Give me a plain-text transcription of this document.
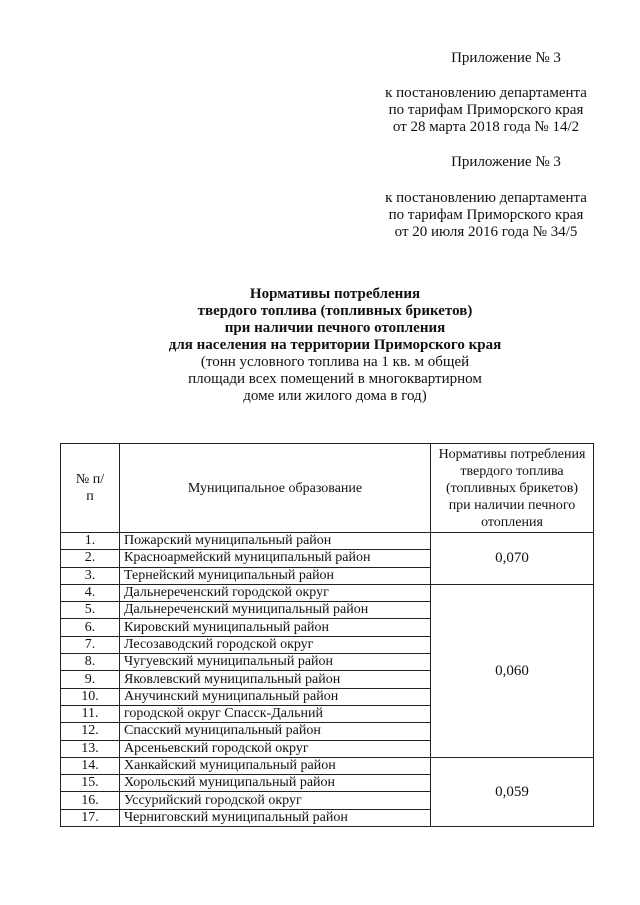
Приложение № 3
к постановлению департамента
по тарифам Приморского края
от 28 марта 2018 года № 14/2
Приложение № 3
к постановлению департамента
по тарифам Приморского края
от 20 июля 2016 года № 34/5
Нормативы потребления
твердого топлива (топливных брикетов)
при наличии печного отопления
для населения на территории Приморского края
(тонн условного топлива на 1 кв. м общей
площади всех помещений в многоквартирном
доме или жилого дома в год)
№ п/п	Муниципальное образование	Нормативы потребления твердого топлива (топливных брикетов) при наличии печного отопления
1.	Пожарский муниципальный район	0,070
2.	Красноармейский муниципальный район	
3.	Тернейский муниципальный район	
4.	Дальнереченский городской округ	0,060
5.	Дальнереченский муниципальный район	
6.	Кировский муниципальный район	
7.	Лесозаводский городской округ	
8.	Чугуевский муниципальный район	
9.	Яковлевский муниципальный район	
10.	Анучинский муниципальный район	
11.	городской округ Спасск-Дальний	
12.	Спасский муниципальный район	
13.	Арсеньевский городской округ	
14.	Ханкайский муниципальный район	0,059
15.	Хорольский муниципальный район	
16.	Уссурийский городской округ	
17.	Черниговский муниципальный район	
